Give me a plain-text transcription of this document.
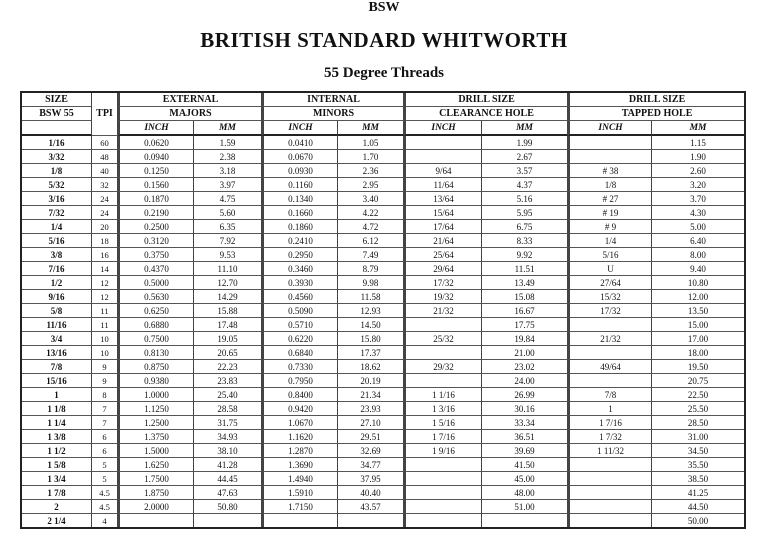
BSW
BRITISH STANDARD WHITWORTH
55 Degree Threads
SIZE	TPI	EXTERNAL		INTERNAL		DRILL SIZE		DRILL SIZE	
BSW 55		MAJORS		MINORS		CLEARANCE HOLE		TAPPED HOLE	
		INCH	MM	INCH	MM	INCH	MM	INCH	MM
1/16	60	0.0620	1.59	0.0410	1.05		1.99		1.15
3/32	48	0.0940	2.38	0.0670	1.70		2.67		1.90
1/8	40	0.1250	3.18	0.0930	2.36	9/64	3.57	# 38	2.60
5/32	32	0.1560	3.97	0.1160	2.95	11/64	4.37	1/8	3.20
3/16	24	0.1870	4.75	0.1340	3.40	13/64	5.16	# 27	3.70
7/32	24	0.2190	5.60	0.1660	4.22	15/64	5.95	# 19	4.30
1/4	20	0.2500	6.35	0.1860	4.72	17/64	6.75	# 9	5.00
5/16	18	0.3120	7.92	0.2410	6.12	21/64	8.33	1/4	6.40
3/8	16	0.3750	9.53	0.2950	7.49	25/64	9.92	5/16	8.00
7/16	14	0.4370	11.10	0.3460	8.79	29/64	11.51	U	9.40
1/2	12	0.5000	12.70	0.3930	9.98	17/32	13.49	27/64	10.80
9/16	12	0.5630	14.29	0.4560	11.58	19/32	15.08	15/32	12.00
5/8	11	0.6250	15.88	0.5090	12.93	21/32	16.67	17/32	13.50
11/16	11	0.6880	17.48	0.5710	14.50		17.75		15.00
3/4	10	0.7500	19.05	0.6220	15.80	25/32	19.84	21/32	17.00
13/16	10	0.8130	20.65	0.6840	17.37		21.00		18.00
7/8	9	0.8750	22.23	0.7330	18.62	29/32	23.02	49/64	19.50
15/16	9	0.9380	23.83	0.7950	20.19		24.00		20.75
1	8	1.0000	25.40	0.8400	21.34	1 1/16	26.99	7/8	22.50
1 1/8	7	1.1250	28.58	0.9420	23.93	1 3/16	30.16	1	25.50
1 1/4	7	1.2500	31.75	1.0670	27.10	1 5/16	33.34	1 7/16	28.50
1 3/8	6	1.3750	34.93	1.1620	29.51	1 7/16	36.51	1 7/32	31.00
1 1/2	6	1.5000	38.10	1.2870	32.69	1 9/16	39.69	1 11/32	34.50
1 5/8	5	1.6250	41.28	1.3690	34.77		41.50		35.50
1 3/4	5	1.7500	44.45	1.4940	37.95		45.00		38.50
1 7/8	4.5	1.8750	47.63	1.5910	40.40		48.00		41.25
2	4.5	2.0000	50.80	1.7150	43.57		51.00		44.50
2 1/4	4								50.00
